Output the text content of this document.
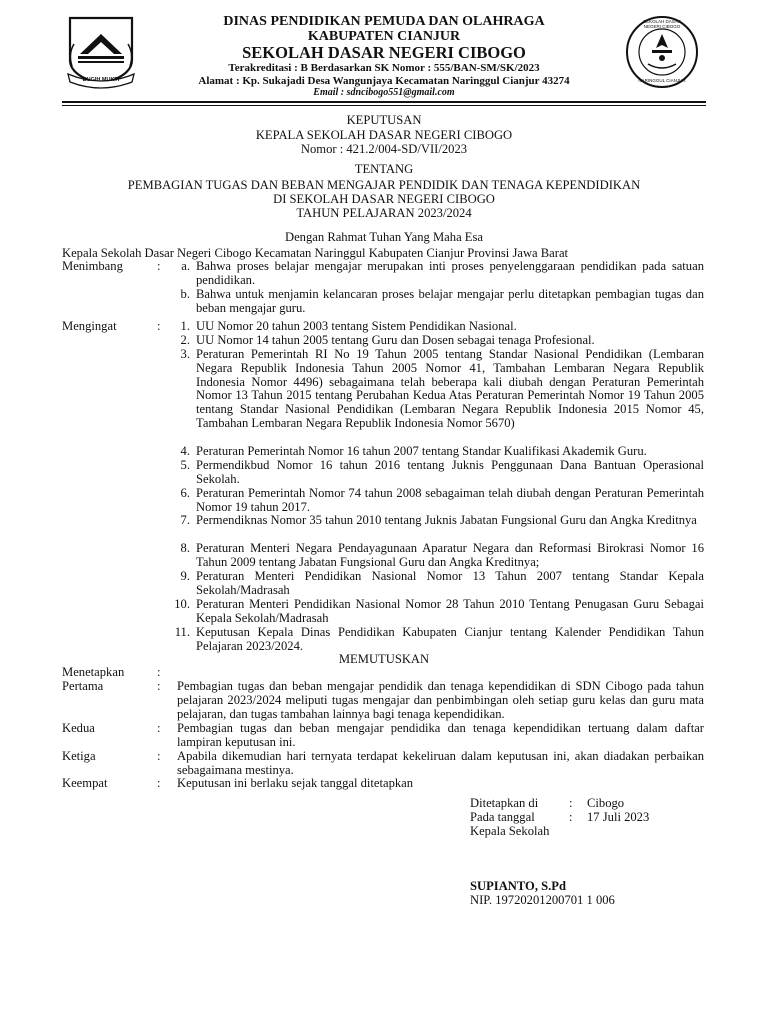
BUGIH MUKTI
DINAS PENDIDIKAN PEMUDA DAN OLAHRAGA
KABUPATEN CIANJUR
SEKOLAH DASAR NEGERI CIBOGO
Terakreditasi : B Berdasarkan SK Nomor : 555/BAN-SM/SK/2023
Alamat : Kp. Sukajadi Desa Wangunjaya Kecamatan Naringgul Cianjur 43274
Email : sdncibogo551@gmail.com
SEKOLAH DASAR NEGERI CIBOGO
NARINGGUL CIANJUR
KEPUTUSAN
KEPALA SEKOLAH DASAR NEGERI CIBOGO
Nomor : 421.2/004-SD/VII/2023
TENTANG
PEMBAGIAN TUGAS DAN BEBAN MENGAJAR PENDIDIK DAN TENAGA KEPENDIDIKAN
DI SEKOLAH DASAR NEGERI CIBOGO
TAHUN PELAJARAN 2023/2024
Dengan Rahmat Tuhan Yang Maha Esa
Kepala Sekolah Dasar Negeri Cibogo Kecamatan Naringgul Kabupaten Cianjur Provinsi Jawa Barat
Menimbang	:	a. Bahwa proses belajar mengajar merupakan inti proses penyelenggaraan pendidikan pada satuan pendidikan.
b. Bahwa untuk menjamin kelancaran proses belajar mengajar perlu ditetapkan pembagian tugas dan beban mengajar guru.
Mengingat	:	1. UU Nomor 20 tahun 2003 tentang Sistem Pendidikan Nasional.
2. UU Nomor 14 tahun 2005 tentang Guru dan Dosen sebagai tenaga Profesional.
3. Peraturan Pemerintah RI No 19 Tahun 2005 tentang Standar Nasional Pendidikan (Lembaran Negara Republik Indonesia Tahun 2005 Nomor 41, Tambahan Lembaran Negara Republik Indonesia Nomor 4496) sebagaimana telah beberapa kali diubah dengan Peraturan Pemerintah Nomor 13 Tahun 2015 tentang Perubahan Kedua Atas Peraturan Pemerintah Nomor 19 Tahun 2005 tentang Standar Nasional Pendidikan (Lembaran Negara Republik Indonesia 2015 Nomor 45, Tambahan Lembaran Negara Republik Indonesia Nomor 5670)
4. Peraturan Pemerintah Nomor 16 tahun 2007 tentang Standar Kualifikasi Akademik Guru.
5. Permendikbud Nomor 16 tahun 2016 tentang Juknis Penggunaan Dana Bantuan Operasional Sekolah.
6. Peraturan Pemerintah Nomor 74 tahun 2008 sebagaiman telah diubah dengan Peraturan Pemerintah Nomor 19 tahun 2017.
7. Permendiknas Nomor 35 tahun 2010 tentang Juknis Jabatan Fungsional Guru dan Angka Kreditnya
8. Peraturan Menteri Negara Pendayagunaan Aparatur Negara dan Reformasi Birokrasi Nomor 16 Tahun 2009 tentang Jabatan Fungsional Guru dan Angka Kreditnya;
9. Peraturan Menteri Pendidikan Nasional Nomor 13 Tahun 2007 tentang Standar Kepala Sekolah/Madrasah
10. Peraturan Menteri Pendidikan Nasional Nomor 28 Tahun 2010 Tentang Penugasan Guru Sebagai Kepala Sekolah/Madrasah
11. Keputusan Kepala Dinas Pendidikan Kabupaten Cianjur tentang Kalender Pendidikan Tahun Pelajaran 2023/2024.
MEMUTUSKAN
Menetapkan	:
Pertama	: Pembagian tugas dan beban mengajar pendidik dan tenaga kependidikan di SDN Cibogo pada tahun pelajaran 2023/2024 meliputi tugas mengajar dan penbimbingan oleh setiap guru kelas dan guru mata pelajaran, dan tugas tambahan lainnya bagi tenaga kependidikan.
Kedua	: Pembagian tugas dan beban mengajar pendidika dan tenaga kependidikan tertuang dalam daftar lampiran keputusan ini.
Ketiga	: Apabila dikemudian hari ternyata terdapat kekeliruan dalam keputusan ini, akan diadakan perbaikan sebagaimana mestinya.
Keempat	: Keputusan ini berlaku sejak tanggal ditetapkan
Ditetapkan di : Cibogo
Pada tanggal	: 17 Juli 2023
Kepala Sekolah
SUPIANTO, S.Pd
NIP. 19720201200701 1 006
